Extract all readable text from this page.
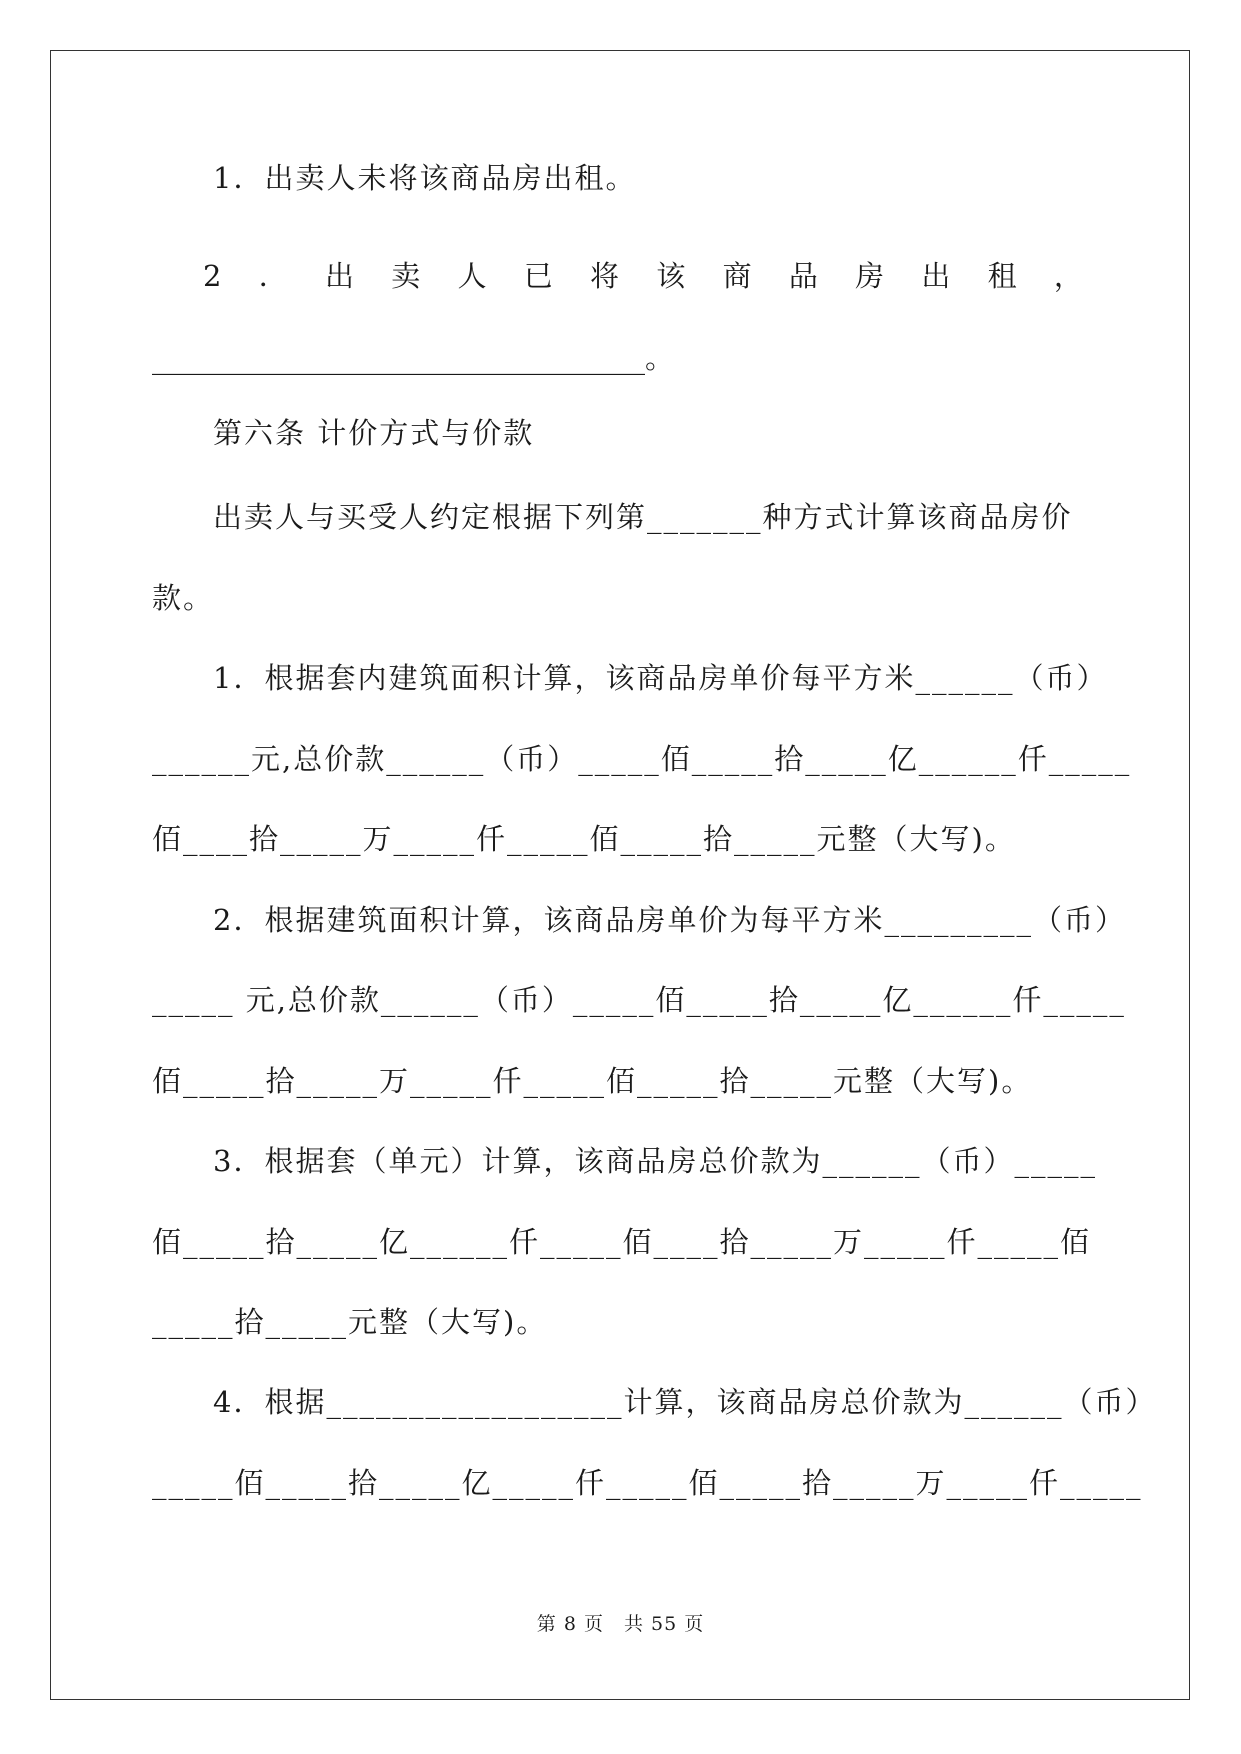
1．出卖人未将该商品房出租。
2 ． 出 卖 人 已 将 该 商 品 房 出 租 ，
__________________________________。
第六条 计价方式与价款
出卖人与买受人约定根据下列第_______种方式计算该商品房价
款。
1．根据套内建筑面积计算，该商品房单价每平方米______（币）
______元,总价款______（币）_____佰_____拾_____亿______仟_____
佰____拾_____万_____仟_____佰_____拾_____元整（大写)。
2．根据建筑面积计算，该商品房单价为每平方米_________（币）
_____ 元,总价款______（币）_____佰_____拾_____亿______仟_____
佰_____拾_____万_____仟_____佰_____拾_____元整（大写)。
3．根据套（单元）计算，该商品房总价款为______（币）_____
佰_____拾_____亿______仟_____佰____拾_____万_____仟_____佰
_____拾_____元整（大写)。
4．根据__________________计算，该商品房总价款为______（币）
_____佰_____拾_____亿_____仟_____佰_____拾_____万_____仟_____
第 8 页　共 55 页
